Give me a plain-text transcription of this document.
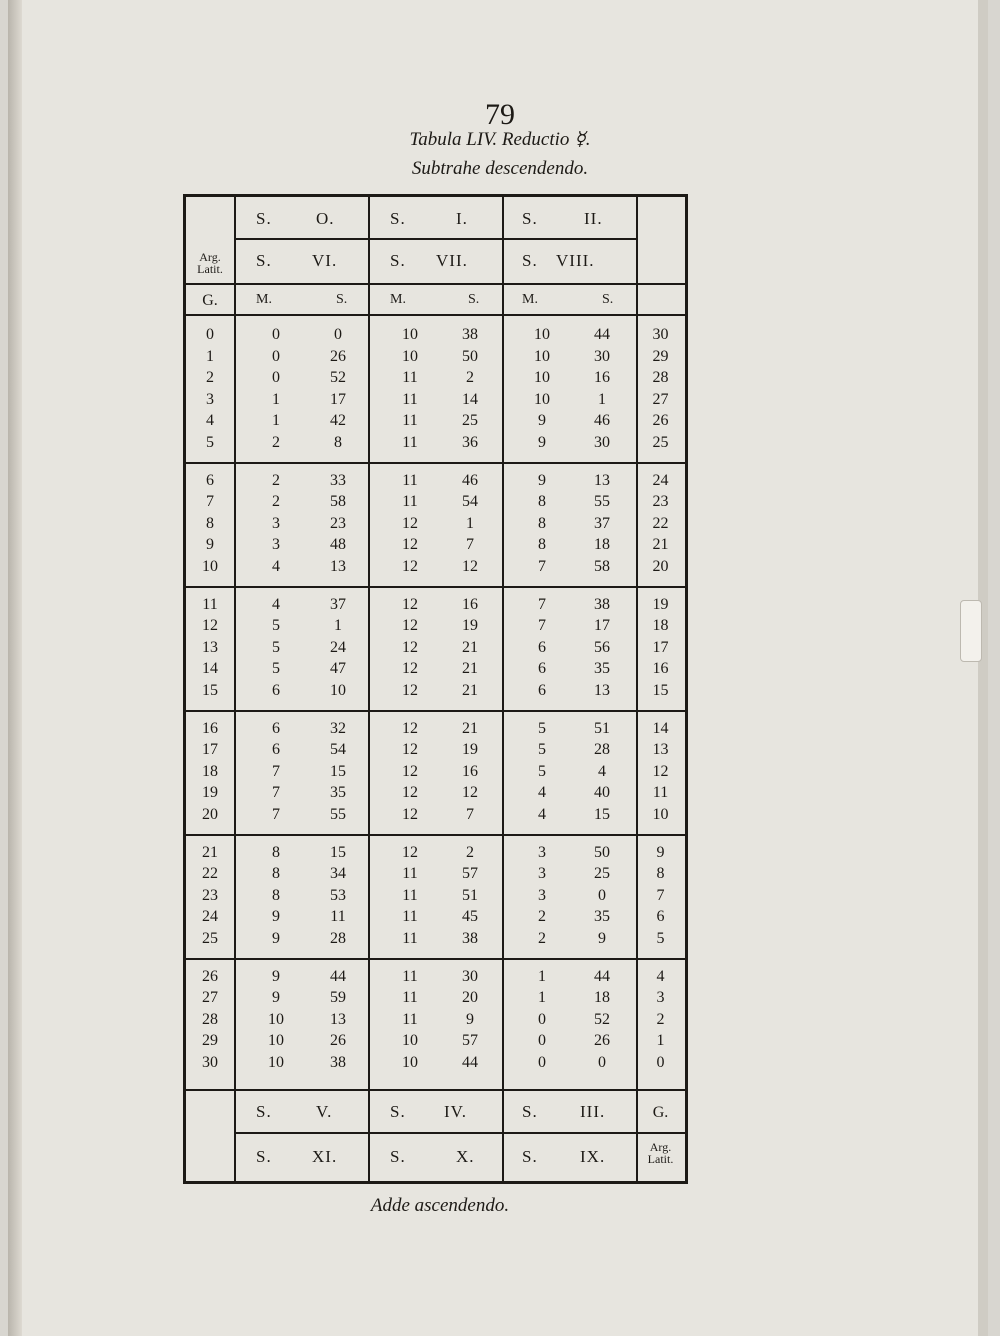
79
Tabula LIV. Reductio ☿.
Subtrahe descendendo.
Arg.
Latit.
S.	O.	S.	I.	S.	II.
S. VI.	S. VII.	S. VIII.
G.	M.	S.	M.	S.	M.	S.
0	0	0	10	38	10	44	30
1	0	26	10	50	10	30	29
2	0	52	11	2	10	16	28
3	1	17	11	14	10	1	27
4	1	42	11	25	9	46	26
5	2	8	11	36	9	30	25
6	2	33	11	46	9	13	24
7	2	58	11	54	8	55	23
8	3	23	12	1	8	37	22
9	3	48	12	7	8	18	21
10	4	13	12	12	7	58	20
11	4	37	12	16	7	38	19
12	5	1	12	19	7	17	18
13	5	24	12	21	6	56	17
14	5	47	12	21	6	35	16
15	6	10	12	21	6	13	15
16	6	32	12	21	5	51	14
17	6	54	12	19	5	28	13
18	7	15	12	16	5	4	12
19	7	35	12	12	4	40	11
20	7	55	12	7	4	15	10
21	8	15	12	2	3	50	9
22	8	34	11	57	3	25	8
23	8	53	11	51	3	0	7
24	9	11	11	45	2	35	6
25	9	28	11	38	2	9	5
26	9	44	11	30	1	44	4
27	9	59	11	20	1	18	3
28	10	13	11	9	0	52	2
29	10	26	10	57	0	26	1
30	10	38	10	44	0	0	0
S.	V.	S. IV.	S. III.	G.
S. XI.	S.	X.	S. IX.	Arg.
Latit.
Adde ascendendo.
